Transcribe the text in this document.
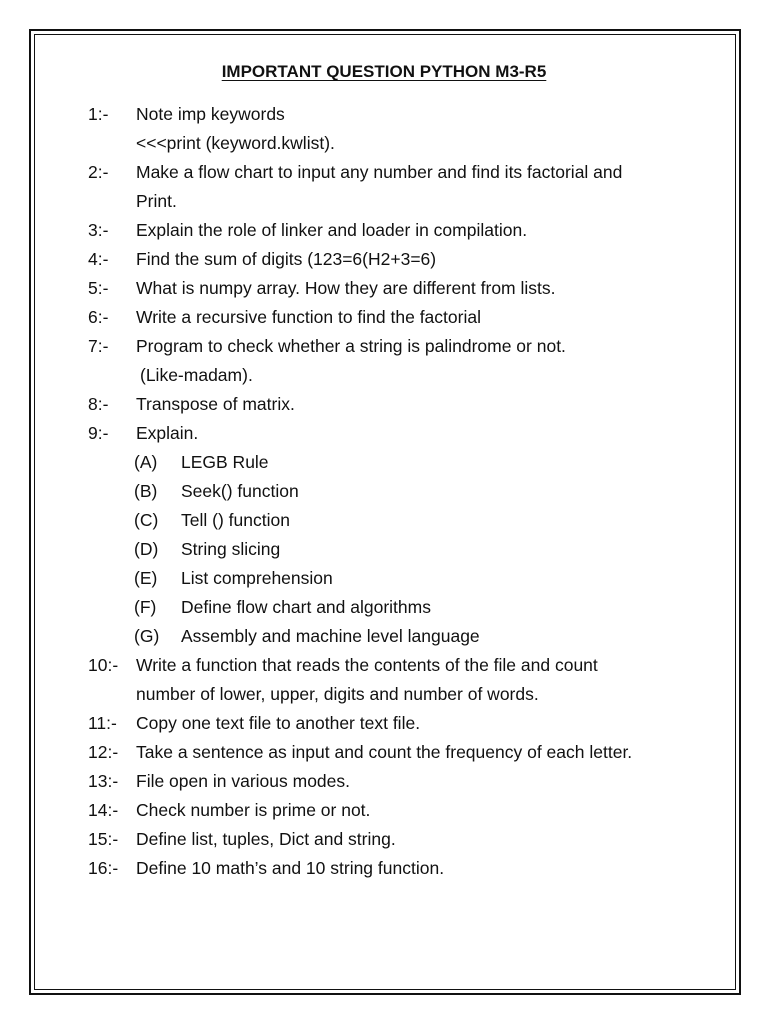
IMPORTANT QUESTION PYTHON M3-R5
1:- Note imp keywords
<<<print (keyword.kwlist).
2:- Make a flow chart to input any number and find its factorial and
Print.
3:- Explain the role of linker and loader in compilation.
4:- Find the sum of digits (123=6(H2+3=6)
5:- What is numpy array. How they are different from lists.
6:- Write a recursive function to find the factorial
7:- Program to check whether a string is palindrome or not.
(Like-madam).
8:- Transpose of matrix.
9:- Explain.
(A) LEGB Rule
(B) Seek() function
(C) Tell () function
(D) String slicing
(E) List comprehension
(F) Define flow chart and algorithms
(G) Assembly and machine level language
10:- Write a function that reads the contents of the file and count
number of lower, upper, digits and number of words.
11:- Copy one text file to another text file.
12:- Take a sentence as input and count the frequency of each letter.
13:- File open in various modes.
14:- Check number is prime or not.
15:- Define list, tuples, Dict and string.
16:- Define 10 math’s and 10 string function.
